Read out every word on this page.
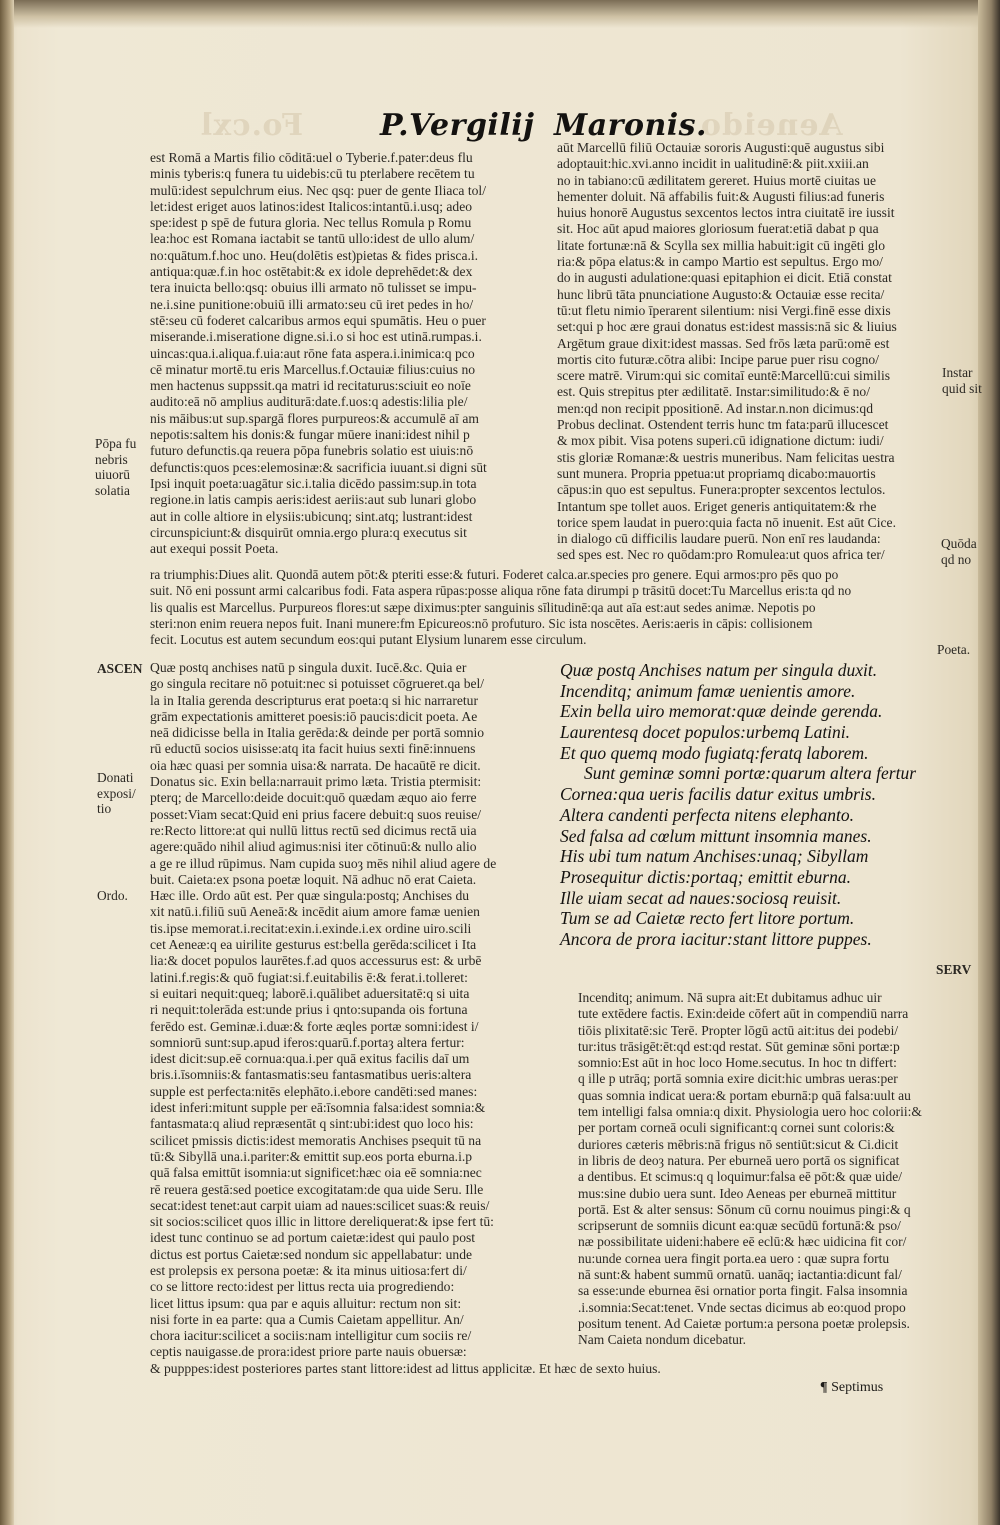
Aeneido
Fo.cxl	P.Vergilij Maronis.
Pōpa fu
nebris
uiuorū
solatia
ASCEN
Donati
exposi/
tio
Ordo.
Instar
quid sit
Quōda
qd no
Poeta.
SERV
est Romā a Martis filio cōditā:uel o Tyberie.f.pater:deus flu
minis tyberis:q funera tu uidebis:cū tu pterlabere recētem tu
mulū:idest sepulchrum eius. Nec qsq: puer de gente Iliaca tol/
let:idest eriget auos latinos:idest Italicos:intantū.i.usq; adeo
spe:idest p spē de futura gloria. Nec tellus Romula p Romu
lea:hoc est Romana iactabit se tantū ullo:idest de ullo alum/
no:quātum.f.hoc uno. Heu(dolētis est)pietas & fides prisca.i.
antiqua:quæ.f.in hoc ostētabit:& ex idole deprehēdet:& dex
tera inuicta bello:qsq: obuius illi armato nō tulisset se impu-
ne.i.sine punitione:obuiū illi armato:seu cū iret pedes in ho/
stē:seu cū foderet calcaribus armos equi spumātis. Heu o puer
miserande.i.miseratione digne.si.i.o si hoc est utinā.rumpas.i.
uincas:qua.i.aliqua.f.uia:aut rōne fata aspera.i.inimica:q pco
cē minatur mortē.tu eris Marcellus.f.Octauiæ filius:cuius no
men hactenus suppssit.qa matri id recitaturus:sciuit eo noīe
audito:eā nō amplius auditurā:date.f.uos:q adestis:lilia ple/
nis māibus:ut sup.spargā flores purpureos:& accumulē aī am
nepotis:saltem his donis:& fungar mūere inani:idest nihil p
futuro defunctis.qa reuera pōpa funebris solatio est uiuis:nō
defunctis:quos pces:elemosinæ:& sacrificia iuuant.si digni sūt
Ipsi inquit poeta:uagātur sic.i.talia dicēdo passim:sup.in tota
regione.in latis campis aeris:idest aeriis:aut sub lunari globo
aut in colle altiore in elysiis:ubicunq; sint.atq; lustrant:idest
circunspiciunt:& disquirūt omnia.ergo plura:q executus sit
aut exequi possit Poeta.
aūt Marcellū filiū Octauiæ sororis Augusti:quē augustus sibi
adoptauit:hic.xvi.anno incidit in ualitudinē:& piit.xxiii.an
no in tabiano:cū ædilitatem gereret. Huius mortē ciuitas ue
hementer doluit. Nā affabilis fuit:& Augusti filius:ad funeris
huius honorē Augustus sexcentos lectos intra ciuitatē ire iussit
sit. Hoc aūt apud maiores gloriosum fuerat:etiā dabat p qua
litate fortunæ:nā & Scylla sex millia habuit:igit cū ingēti glo
ria:& pōpa elatus:& in campo Martio est sepultus. Ergo mo/
do in augusti adulatione:quasi epitaphion ei dicit. Etiā constat
hunc librū tāta pnunciatione Augusto:& Octauiæ esse recita/
tū:ut fletu nimio īperarent silentium: nisi Vergi.finē esse dixis
set:qui p hoc ære graui donatus est:idest massis:nā sic & liuius
Argētum graue dixit:idest massas. Sed frōs læta parū:omē est
mortis cito futuræ.cōtra alibi: Incipe parue puer risu cogno/
scere matrē. Virum:qui sic comitaī euntē:Marcellū:cui similis
est. Quis strepitus pter ædilitatē. Instar:similitudo:& ē no/
men:qd non recipit ppositionē. Ad instar.n.non dicimus:qd
Probus declinat. Ostendent terris hunc tm fata:parū illucescet
& mox pibit. Visa potens superi.cū idignatione dictum: iudi/
stis gloriæ Romanæ:& uestris muneribus. Nam felicitas uestra
sunt munera. Propria ppetua:ut propriamq dicabo:mauortis
cāpus:in quo est sepultus. Funera:propter sexcentos lectulos.
Intantum spe tollet auos. Eriget generis antiquitatem:& rhe
torice spem laudat in puero:quia facta nō inuenit. Est aūt Cice.
in dialogo cū difficilis laudare puerū. Non enī res laudanda:
sed spes est. Nec ro quōdam:pro Romulea:ut quos africa ter/
ra triumphis:Diues alit. Quondā autem pōt:& pteriti esse:& futuri. Foderet calca.ar.species pro genere. Equi armos:pro pēs quo po
suit. Nō eni possunt armi calcaribus fodi. Fata aspera rūpas:posse aliqua rōne fata dirumpi p trāsitū docet:Tu Marcellus eris:ta qd no
lis qualis est Marcellus. Purpureos flores:ut sæpe diximus:pter sanguinis sīlitudinē:qa aut aīa est:aut sedes animæ. Nepotis po
steri:non enim reuera nepos fuit. Inani munere:fm Epicureos:nō profuturo. Sic ista noscētes. Aeris:aeris in cāpis: collisionem
fecit. Locutus est autem secundum eos:qui putant Elysium lunarem esse circulum.
Quæ postq anchises natū p singula duxit. Iucē.&c. Quia er
go singula recitare nō potuit:nec si potuisset cōgrueret.qa bel/
la in Italia gerenda descripturus erat poeta:q si hic narraretur
grām expectationis amitteret poesis:iō paucis:dicit poeta. Ae
neā didicisse bella in Italia gerēda:& deinde per portā somnio
rū eductū socios uisisse:atq ita facit huius sexti finē:innuens
oia hæc quasi per somnia uisa:& narrata. De hacaūtē re dicit.
Donatus sic. Exin bella:narrauit primo læta. Tristia ptermisit:
pterq; de Marcello:deide docuit:quō quædam æquo aio ferre
posset:Viam secat:Quid eni prius facere debuit:q suos reuise/
re:Recto littore:at qui nullū littus rectū sed dicimus rectā uia
agere:quādo nihil aliud agimus:nisi iter cōtinuū:& nullo alio
a ge re illud rūpimus. Nam cupida suoȝ mēs nihil aliud agere de
buit. Caieta:ex psona poetæ loquit. Nā adhuc nō erat Caieta.
Hæc ille. Ordo aūt est. Per quæ singula:postq; Anchises du
xit natū.i.filiū suū Aeneā:& incēdit aium amore famæ uenien
tis.ipse memorat.i.recitat:exin.i.exinde.i.ex ordine uiro.scili
cet Aeneæ:q ea uirilite gesturus est:bella gerēda:scilicet i Ita
lia:& docet populos laurētes.f.ad quos accessurus est: & urbē
latini.f.regis:& quō fugiat:si.f.euitabilis ē:& ferat.i.tolleret:
si euitari nequit:queq; laborē.i.quālibet aduersitatē:q si uita
ri nequit:tolerāda est:unde prius i qnto:supanda ois fortuna
ferēdo est. Geminæ.i.duæ:& forte æqles portæ somni:idest i/
somniorū sunt:sup.apud iferos:quarū.f.portaȝ altera fertur:
idest dicit:sup.eē cornua:qua.i.per quā exitus facilis daī um
bris.i.īsomniis:& fantasmatis:seu fantasmatibus ueris:altera
supple est perfecta:nitēs elephāto.i.ebore candēti:sed manes:
idest inferi:mitunt supple per eā:īsomnia falsa:idest somnia:&
fantasmata:q aliud repræsentāt q sint:ubi:idest quo loco his:
scilicet pmissis dictis:idest memoratis Anchises psequit tū na
tū:& Sibyllā una.i.pariter:& emittit sup.eos porta eburna.i.p
quā falsa emittūt isomnia:ut significet:hæc oia eē somnia:nec
rē reuera gestā:sed poetice excogitatam:de qua uide Seru. Ille
secat:idest tenet:aut carpit uiam ad naues:scilicet suas:& reuis/
sit socios:scilicet quos illic in littore dereliquerat:& ipse fert tū:
idest tunc continuo se ad portum caietæ:idest qui paulo post
dictus est portus Caietæ:sed nondum sic appellabatur: unde
est prolepsis ex persona poetæ: & ita minus uitiosa:fert di/
co se littore recto:idest per littus recta uia progrediendo:
licet littus ipsum: qua par e aquis alluitur: rectum non sit:
nisi forte in ea parte: qua a Cumis Caietam appellitur. An/
chora iacitur:scilicet a sociis:nam intelligitur cum sociis re/
ceptis nauigasse.de prora:idest priore parte nauis obuersæ:
& pupppes:idest posteriores partes stant littore:idest ad littus applicitæ. Et hæc de sexto huius.
Quæ postq Anchises natum per singula duxit.
Incenditq; animum famæ uenientis amore.
Exin bella uiro memorat:quæ deinde gerenda.
Laurentesq docet populos:urbemq Latini.
Et quo quemq modo fugiatq:feratq laborem.
Sunt geminæ somni portæ:quarum altera fertur
Cornea:qua ueris facilis datur exitus umbris.
Altera candenti perfecta nitens elephanto.
Sed falsa ad cœlum mittunt insomnia manes.
His ubi tum natum Anchises:unaq; Sibyllam
Prosequitur dictis:portaq; emittit eburna.
Ille uiam secat ad naues:sociosq reuisit.
Tum se ad Caietæ recto fert litore portum.
Ancora de prora iacitur:stant littore puppes.
Incenditq; animum. Nā supra ait:Et dubitamus adhuc uir
tute extēdere factis. Exin:deide cōfert aūt in compendiū narra
tiōis plixitatē:sic Terē. Propter lōgū actū ait:itus dei podebi/
tur:itus trāsigēt:ēt:qd est:qd restat. Sūt geminæ sōni portæ:p
somnio:Est aūt in hoc loco Home.secutus. In hoc tn differt:
q ille p utrāq; portā somnia exire dicit:hic umbras ueras:per
quas somnia indicat uera:& portam eburnā:p quā falsa:uult au
tem intelligi falsa omnia:q dixit. Physiologia uero hoc colorii:&
per portam corneā oculi significant:q cornei sunt coloris:&
duriores cæteris mēbris:nā frigus nō sentiūt:sicut & Ci.dicit
in libris de deoȝ natura. Per eburneā uero portā os significat
a dentibus. Et scimus:q q loquimur:falsa eē pōt:& quæ uide/
mus:sine dubio uera sunt. Ideo Aeneas per eburneā mittitur
portā. Est & alter sensus: Sōnum cū cornu nouimus pingi:& q
scripserunt de somniis dicunt ea:quæ secūdū fortunā:& pso/
næ possibilitate uideni:habere eē eclū:& hæc uidicina fit cor/
nu:unde cornea uera fingit porta.ea uero : quæ supra fortu
nā sunt:& habent summū ornatū. uanāq; iactantia:dicunt fal/
sa esse:unde eburnea ēsi ornatior porta fingit. Falsa insomnia
.i.somnia:Secat:tenet. Vnde sectas dicimus ab eo:quod propo
positum tenent. Ad Caietæ portum:a persona poetæ prolepsis.
Nam Caieta nondum dicebatur.
¶ Septimus
